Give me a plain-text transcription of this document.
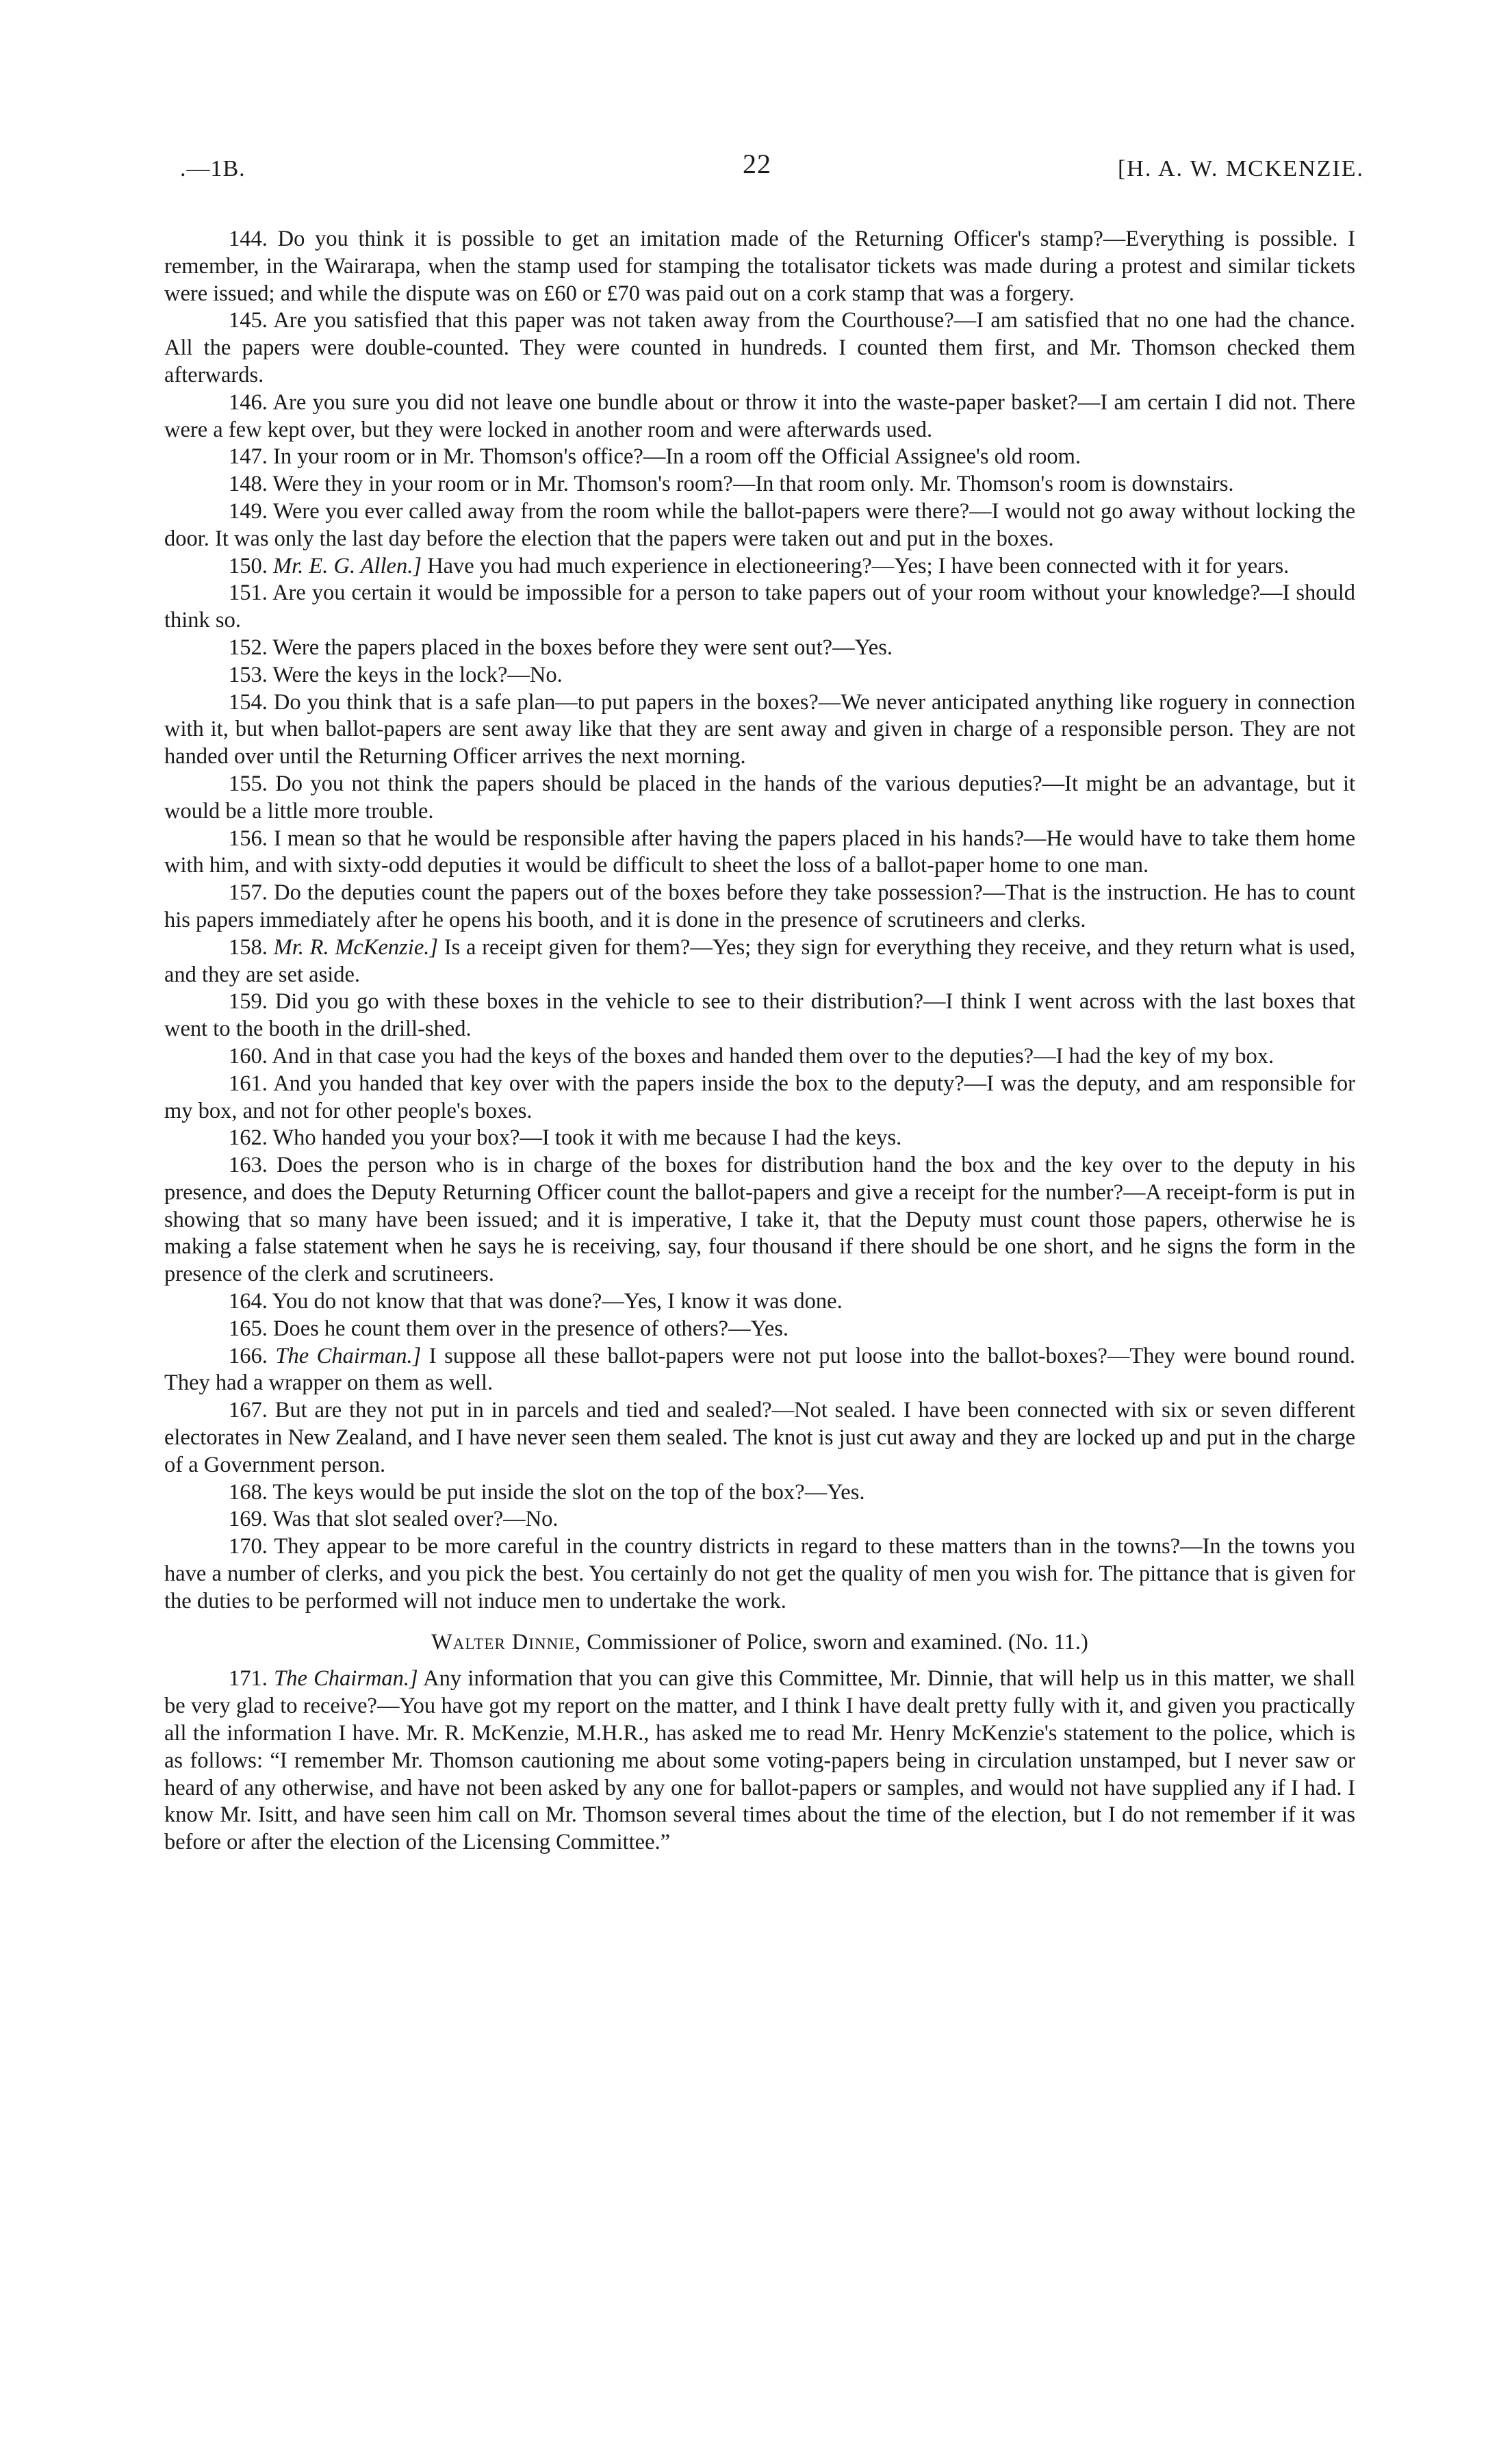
.—1B.	22	[H. A. W. MCKENZIE.

144. Do you think it is possible to get an imitation made of the Returning Officer's stamp?—Everything is possible. I remember, in the Wairarapa, when the stamp used for stamping the totalisator tickets was made during a protest and similar tickets were issued; and while the dispute was on £60 or £70 was paid out on a cork stamp that was a forgery.

145. Are you satisfied that this paper was not taken away from the Courthouse?—I am satisfied that no one had the chance. All the papers were double-counted. They were counted in hundreds. I counted them first, and Mr. Thomson checked them afterwards.

146. Are you sure you did not leave one bundle about or throw it into the waste-paper basket?—I am certain I did not. There were a few kept over, but they were locked in another room and were afterwards used.

147. In your room or in Mr. Thomson's office?—In a room off the Official Assignee's old room.

148. Were they in your room or in Mr. Thomson's room?—In that room only. Mr. Thomson's room is downstairs.

149. Were you ever called away from the room while the ballot-papers were there?—I would not go away without locking the door. It was only the last day before the election that the papers were taken out and put in the boxes.

150. Mr. E. G. Allen.] Have you had much experience in electioneering?—Yes; I have been connected with it for years.

151. Are you certain it would be impossible for a person to take papers out of your room without your knowledge?—I should think so.

152. Were the papers placed in the boxes before they were sent out?—Yes.

153. Were the keys in the lock?—No.

154. Do you think that is a safe plan—to put papers in the boxes?—We never anticipated anything like roguery in connection with it, but when ballot-papers are sent away like that they are sent away and given in charge of a responsible person. They are not handed over until the Returning Officer arrives the next morning.

155. Do you not think the papers should be placed in the hands of the various deputies?—It might be an advantage, but it would be a little more trouble.

156. I mean so that he would be responsible after having the papers placed in his hands?—He would have to take them home with him, and with sixty-odd deputies it would be difficult to sheet the loss of a ballot-paper home to one man.

157. Do the deputies count the papers out of the boxes before they take possession?—That is the instruction. He has to count his papers immediately after he opens his booth, and it is done in the presence of scrutineers and clerks.

158. Mr. R. McKenzie.] Is a receipt given for them?—Yes; they sign for everything they receive, and they return what is used, and they are set aside.

159. Did you go with these boxes in the vehicle to see to their distribution?—I think I went across with the last boxes that went to the booth in the drill-shed.

160. And in that case you had the keys of the boxes and handed them over to the deputies?—I had the key of my box.

161. And you handed that key over with the papers inside the box to the deputy?—I was the deputy, and am responsible for my box, and not for other people's boxes.

162. Who handed you your box?—I took it with me because I had the keys.

163. Does the person who is in charge of the boxes for distribution hand the box and the key over to the deputy in his presence, and does the Deputy Returning Officer count the ballot-papers and give a receipt for the number?—A receipt-form is put in showing that so many have been issued; and it is imperative, I take it, that the Deputy must count those papers, otherwise he is making a false statement when he says he is receiving, say, four thousand if there should be one short, and he signs the form in the presence of the clerk and scrutineers.

164. You do not know that that was done?—Yes, I know it was done.

165. Does he count them over in the presence of others?—Yes.

166. The Chairman.] I suppose all these ballot-papers were not put loose into the ballot-boxes?—They were bound round. They had a wrapper on them as well.

167. But are they not put in in parcels and tied and sealed?—Not sealed. I have been connected with six or seven different electorates in New Zealand, and I have never seen them sealed. The knot is just cut away and they are locked up and put in the charge of a Government person.

168. The keys would be put inside the slot on the top of the box?—Yes.

169. Was that slot sealed over?—No.

170. They appear to be more careful in the country districts in regard to these matters than in the towns?—In the towns you have a number of clerks, and you pick the best. You certainly do not get the quality of men you wish for. The pittance that is given for the duties to be performed will not induce men to undertake the work.

Walter Dinnie, Commissioner of Police, sworn and examined. (No. 11.)

171. The Chairman.] Any information that you can give this Committee, Mr. Dinnie, that will help us in this matter, we shall be very glad to receive?—You have got my report on the matter, and I think I have dealt pretty fully with it, and given you practically all the information I have. Mr. R. McKenzie, M.H.R., has asked me to read Mr. Henry McKenzie's statement to the police, which is as follows: “I remember Mr. Thomson cautioning me about some voting-papers being in circulation unstamped, but I never saw or heard of any otherwise, and have not been asked by any one for ballot-papers or samples, and would not have supplied any if I had. I know Mr. Isitt, and have seen him call on Mr. Thomson several times about the time of the election, but I do not remember if it was before or after the election of the Licensing Committee.”
